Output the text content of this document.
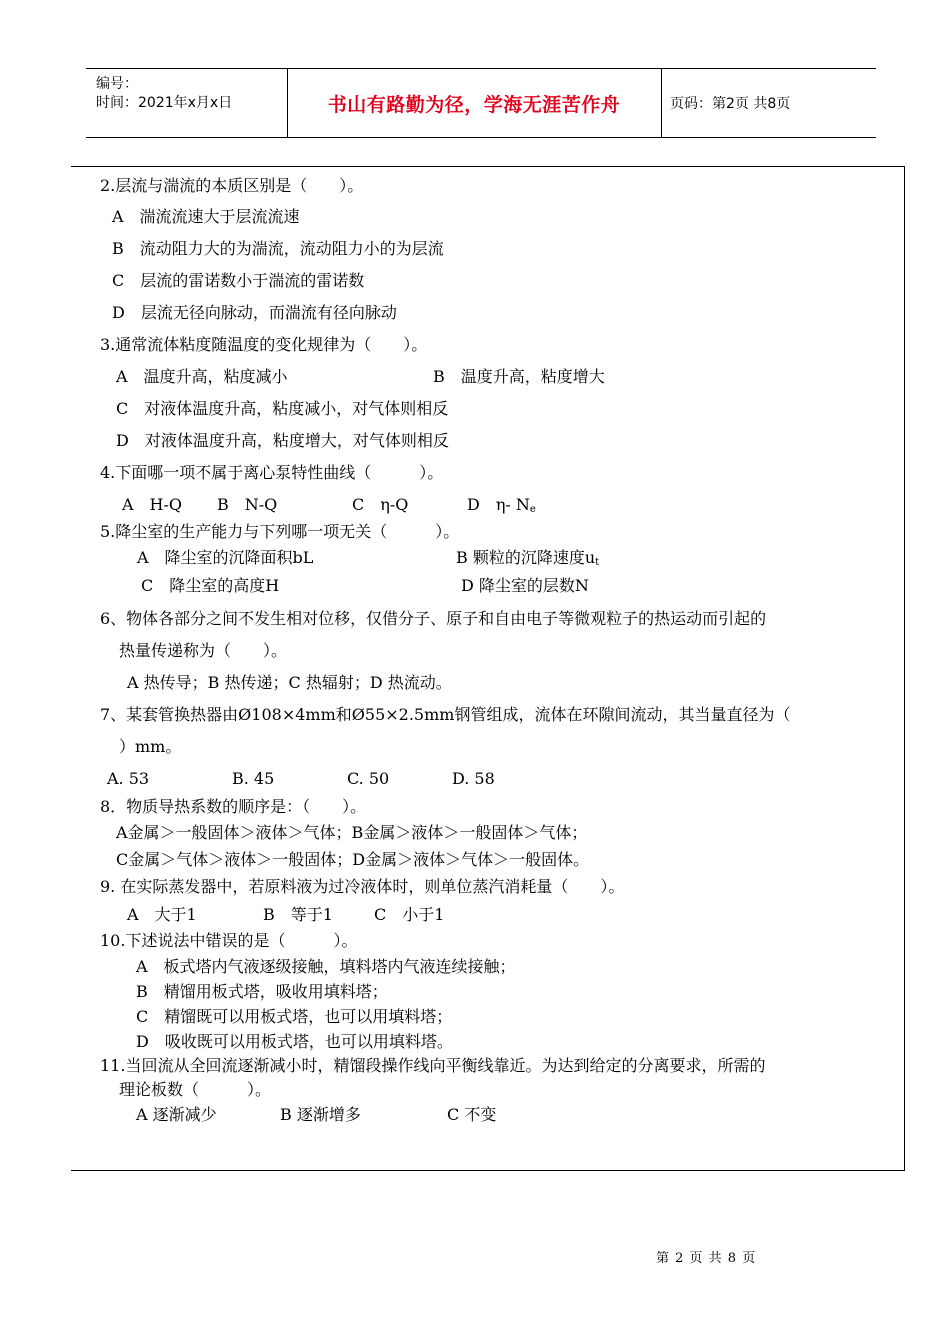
编号：
时间：2021年x月x日	书山有路勤为径，学海无涯苦作舟	页码：第2页 共8页
2.层流与湍流的本质区别是（　　）。
A　湍流流速大于层流流速
B　流动阻力大的为湍流，流动阻力小的为层流
C　层流的雷诺数小于湍流的雷诺数
D　层流无径向脉动，而湍流有径向脉动
3.通常流体粘度随温度的变化规律为（　　）。
A　温度升高，粘度减小	B　温度升高，粘度增大
C　对液体温度升高，粘度减小，对气体则相反
D　对液体温度升高，粘度增大，对气体则相反
4.下面哪一项不属于离心泵特性曲线（　　　）。
A　H-Q B　N-Q	C　η-Q	D　η- $N_e$
5.降尘室的生产能力与下列哪一项无关（　　　）。
A　降尘室的沉降面积bL	B 颗粒的沉降速度$u_t$
C　降尘室的高度H	D 降尘室的层数N
6、物体各部分之间不发生相对位移，仅借分子、原子和自由电子等微观粒子的热运动而引起的
热量传递称为（　　）。
A 热传导；B 热传递；C 热辐射；D 热流动。
7、某套管换热器由Ø108×4mm和Ø55×2.5mm钢管组成，流体在环隙间流动，其当量直径为（
）mm。
A. 53	B. 45	C. 50	D. 58
8．物质导热系数的顺序是：（　　）。
A金属＞一般固体＞液体＞气体；B金属＞液体＞一般固体＞气体；
C金属＞气体＞液体＞一般固体；D金属＞液体＞气体＞一般固体。
9. 在实际蒸发器中，若原料液为过冷液体时，则单位蒸汽消耗量（　　）。
A　大于1	B　等于1	C　小于1
10.下述说法中错误的是（　　　）。
A　板式塔内气液逐级接触，填料塔内气液连续接触；
B　精馏用板式塔，吸收用填料塔；
C　精馏既可以用板式塔，也可以用填料塔；
D　吸收既可以用板式塔，也可以用填料塔。
11.当回流从全回流逐渐减小时，精馏段操作线向平衡线靠近。为达到给定的分离要求，所需的
理论板数（　　　）。
A 逐渐减少	B 逐渐增多	C 不变
第 2 页 共 8 页
